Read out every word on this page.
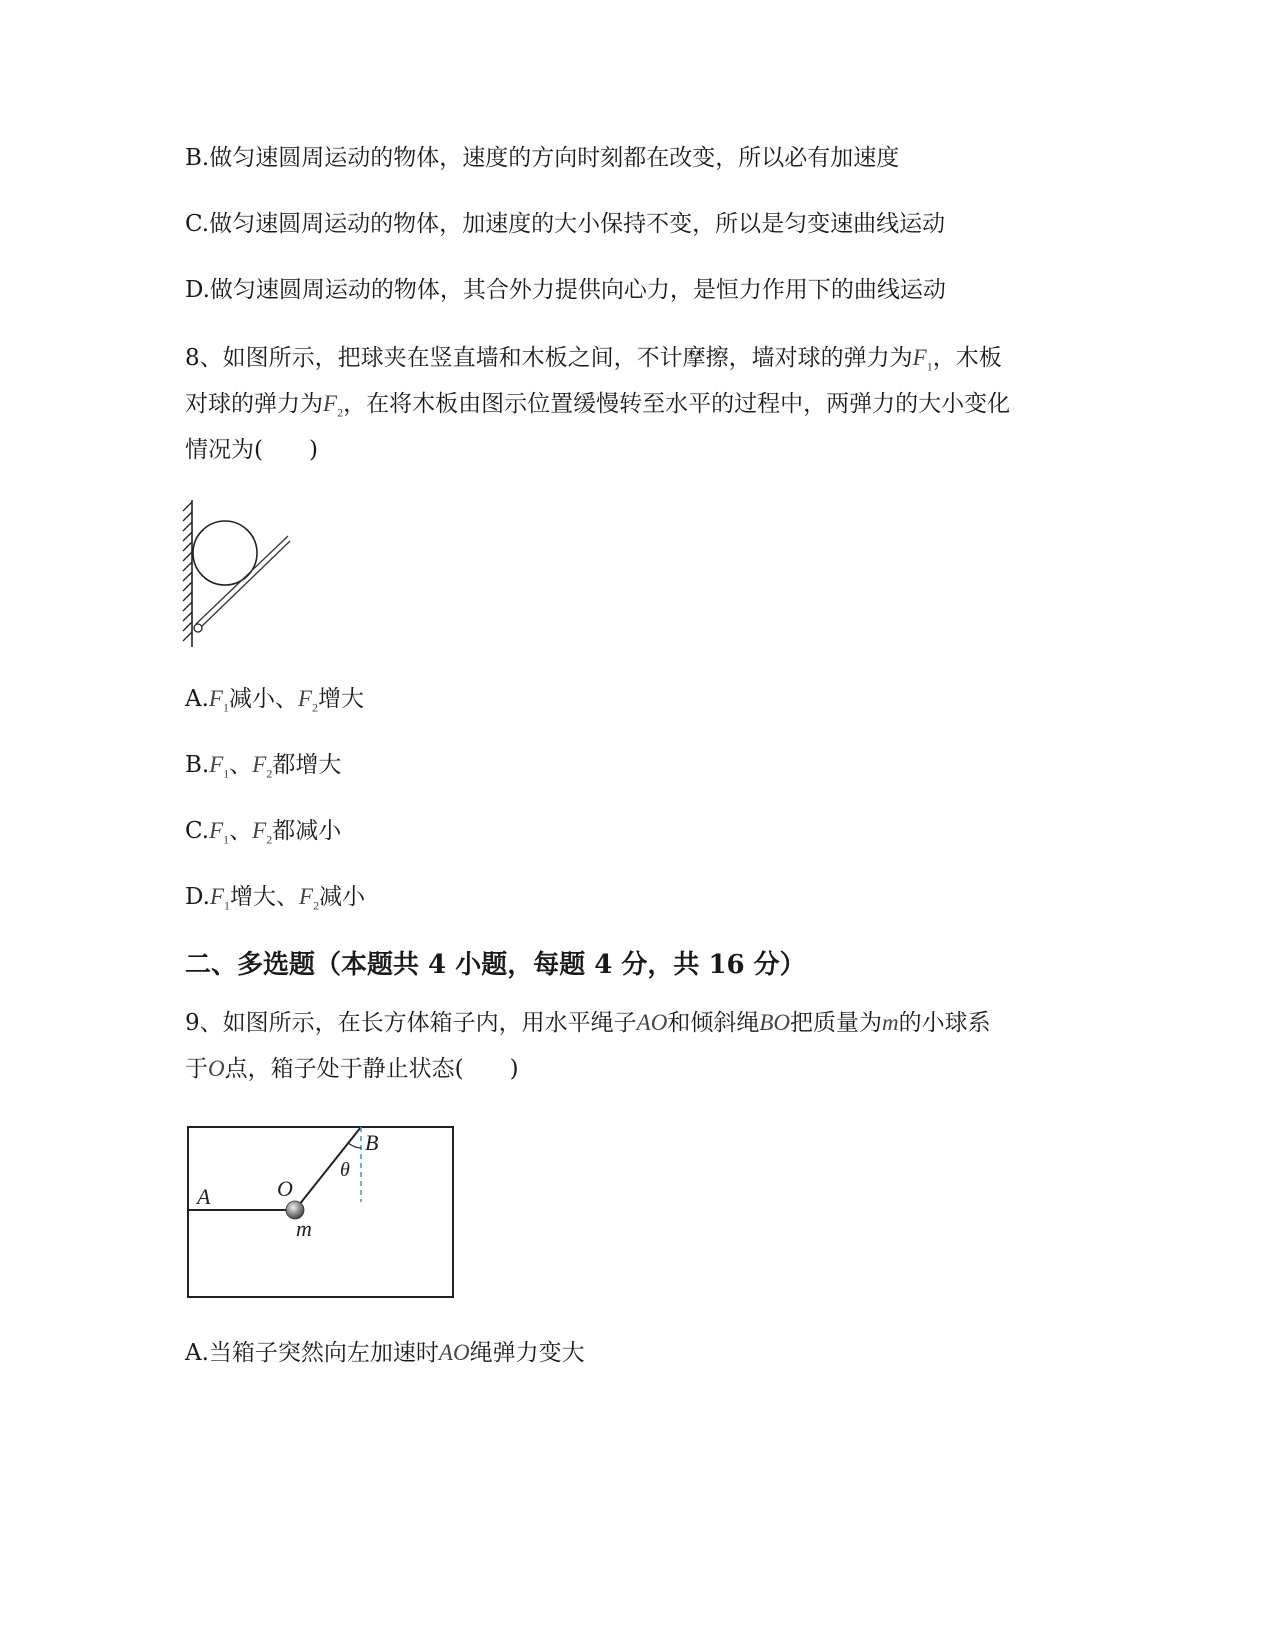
B.做匀速圆周运动的物体，速度的方向时刻都在改变，所以必有加速度
C.做匀速圆周运动的物体，加速度的大小保持不变，所以是匀变速曲线运动
D.做匀速圆周运动的物体，其合外力提供向心力，是恒力作用下的曲线运动
8、如图所示，把球夹在竖直墙和木板之间，不计摩擦，墙对球的弹力为$F_1$，木板
对球的弹力为$F_2$，在将木板由图示位置缓慢转至水平的过程中，两弹力的大小变化
情况为(　　)
$A.F_1$减小、$F_2$增大
$B.F_1$、$F_2$都增大
$C.F_1$、$F_2$都减小
$D.F_1$增大、$F_2$减小
二、多选题（本题共 4 小题，每题 4 分，共 16 分）
9、如图所示，在长方体箱子内，用水平绳子AO和倾斜绳BO把质量为m的小球系
于O点，箱子处于静止状态(　　)
A	O
B
θ
m
A.当箱子突然向左加速时AO绳弹力变大
